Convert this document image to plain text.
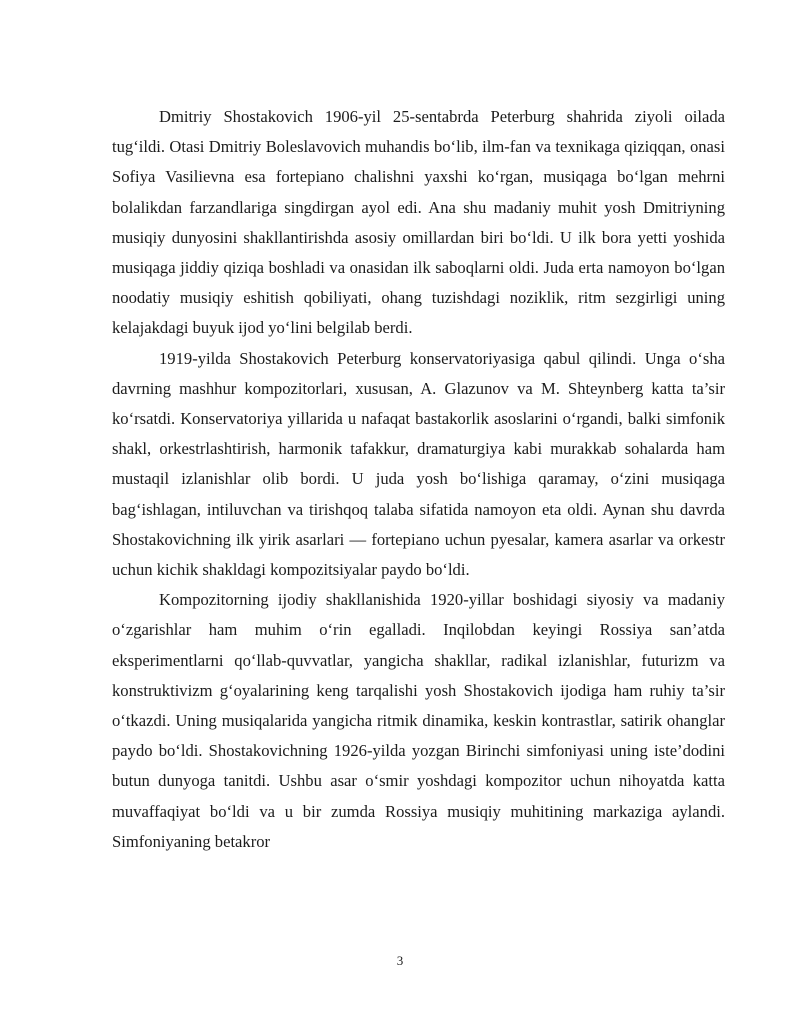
Dmitriy Shostakovich 1906-yil 25-sentabrda Peterburg shahrida ziyoli oilada tug‘ildi. Otasi Dmitriy Boleslavovich muhandis bo‘lib, ilm-fan va texnikaga qiziqqan, onasi Sofiya Vasilievna esa fortepiano chalishni yaxshi ko‘rgan, musiqaga bo‘lgan mehrni bolalikdan farzandlariga singdirgan ayol edi. Ana shu madaniy muhit yosh Dmitriyning musiqiy dunyosini shakllantirishda asosiy omillardan biri bo‘ldi. U ilk bora yetti yoshida musiqaga jiddiy qiziqa boshladi va onasidan ilk saboqlarni oldi. Juda erta namoyon bo‘lgan noodatiy musiqiy eshitish qobiliyati, ohang tuzishdagi noziklik, ritm sezgirligi uning kelajakdagi buyuk ijod yo‘lini belgilab berdi.

1919-yilda Shostakovich Peterburg konservatoriyasiga qabul qilindi. Unga o‘sha davrning mashhur kompozitorlari, xususan, A. Glazunov va M. Shteynberg katta ta’sir ko‘rsatdi. Konservatoriya yillarida u nafaqat bastakorlik asoslarini o‘rgandi, balki simfonik shakl, orkestrlashtirish, harmonik tafakkur, dramaturgiya kabi murakkab sohalarda ham mustaqil izlanishlar olib bordi. U juda yosh bo‘lishiga qaramay, o‘zini musiqaga bag‘ishlagan, intiluvchan va tirishqoq talaba sifatida namoyon eta oldi. Aynan shu davrda Shostakovichning ilk yirik asarlari — fortepiano uchun pyesalar, kamera asarlar va orkestr uchun kichik shakldagi kompozitsiyalar paydo bo‘ldi.

Kompozitorning ijodiy shakllanishida 1920-yillar boshidagi siyosiy va madaniy o‘zgarishlar ham muhim o‘rin egalladi. Inqilobdan keyingi Rossiya san’atda eksperimentlarni qo‘llab-quvvatlar, yangicha shakllar, radikal izlanishlar, futurizm va konstruktivizm g‘oyalarining keng tarqalishi yosh Shostakovich ijodiga ham ruhiy ta’sir o‘tkazdi. Uning musiqalarida yangicha ritmik dinamika, keskin kontrastlar, satirik ohanglar paydo bo‘ldi. Shostakovichning 1926-yilda yozgan Birinchi simfoniyasi uning iste’dodini butun dunyoga tanitdi. Ushbu asar o‘smir yoshdagi kompozitor uchun nihoyatda katta muvaffaqiyat bo‘ldi va u bir zumda Rossiya musiqiy muhitining markaziga aylandi. Simfoniyaning betakror

3
